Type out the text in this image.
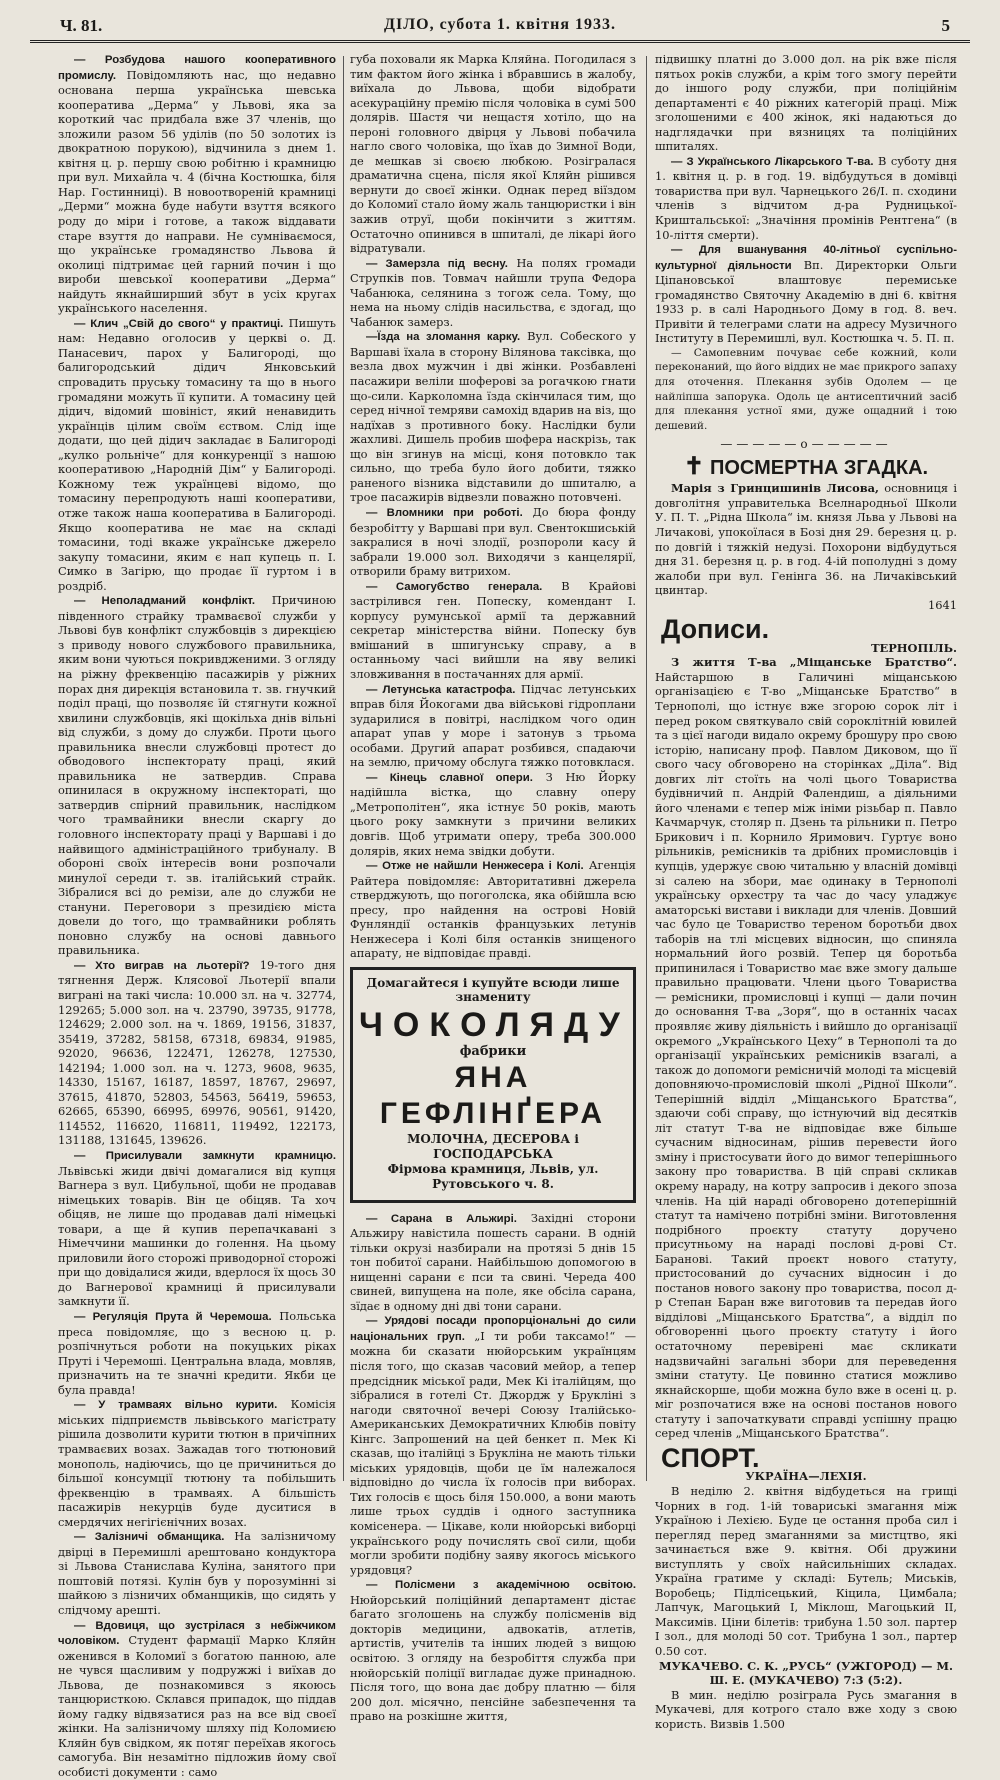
Ч. 81.	ДІЛО, субота 1. квітня 1933.	5

— Розбудова нашого кооперативного промислу. Повідомляють нас, що недавно основана перша українська шевська кооператива „Дерма“ у Львові, яка за короткий час придбала вже 37 членів, що зложили разом 56 уділів (по 50 золотих із двократною порукою), відчинила з днем 1. квітня ц. р. першу свою робітню і крамницю при вул. Михайла ч. 4 (бічна Костюшка, біля Нар. Гостинниці). В новоотвореній крамниці „Дерми“ можна буде набути взуття всякого роду до міри і готове, а також віддавати старе взуття до направи. Не сумніваємося, що українське громадянство Львова й околиці підтримає цей гарний почин і що вироби шевської кооперативи „Дерма“ найдуть якнайширший збут в усіх кругах українського населення.

— Клич „Свій до свого“ у практиці. Пишуть нам: Недавно оголосив у церкві о. Д. Панасевич, парох у Балигороді, що балигородський дідич Янковський спровадить пруську томасину та що в нього громадяни можуть її купити. А томасину цей дідич, відомий шовініст, який ненавидить українців цілим своїм єством. Слід іще додати, що цей дідич закладає в Балигороді „кулко рольніче“ для конкуренції з нашою кооперативою „Народній Дім“ у Балигороді. Кожному теж українцеві відомо, що томасину перепродують наші кооперативи, отже також наша кооператива в Балигороді. Якщо кооператива не має на складі томасини, тоді вкаже українське джерело закупу томасини, яким є нап купець п. І. Симко в Загірю, що продає її гуртом і в роздріб.

— Неполадманий конфлікт. Причиною південного страйку трамваєвої служби у Львові був конфлікт службовців з дирекцією з приводу нового службового правильника, яким вони чуються покривдженими. З огляду на ріжну фреквенцію пасажирів у ріжних порах дня дирекція встановила т. зв. гнучкий поділ праці, що позволяє їй стягнути кожної хвилини службовців, які щокільха днів вільні від служби, з дому до служби. Проти цього правильника внесли службовці протест до обводового інспекторату праці, який правильника не затвердив. Справа опинилася в окружному інспектораті, що затвердив спірний правильник, наслідком чого трамвайники внесли скаргу до головного інспекторату праці у Варшаві і до найвищого адміністраційного трибуналу. В обороні своїх інтересів вони розпочали минулої середи т. зв. італійський страйк. Зібралися всі до ремізи, але до служби не стануни. Переговори з президією міста довели до того, що трамвайники роблять поновно службу на основі давнього правильника.

— Хто виграв на льотерії? 19-того дня тягнення Держ. Клясової Льотерії впали виграні на такі числа: 10.000 зл. на ч. 32774, 129265; 5.000 зол. на ч. 23790, 39735, 91778, 124629; 2.000 зол. на ч. 1869, 19156, 31837, 35419, 37282, 58158, 67318, 69834, 91985, 92020, 96636, 122471, 126278, 127530, 142194; 1.000 зол. на ч. 1273, 9608, 9635, 14330, 15167, 16187, 18597, 18767, 29697, 37615, 41870, 52803, 54563, 56419, 59653, 62665, 65390, 66995, 69976, 90561, 91420, 114552, 116620, 116811, 119492, 122173, 131188, 131645, 139626.

— Присилували замкнути крамницю. Львівські жиди двічі домагалися від купця Вагнера з вул. Цибульної, щоби не продавав німецьких товарів. Він це обіцяв. Та хоч обіцяв, не лише що продавав далі німецькі товари, а ще й купив перепачкавані з Німеччини машинки до голення. На цьому приловили його сторожі приводорної сторожі при що довідалися жиди, вдерлося їх щось 30 до Вагнерової крамниці й присилували замкнути її.

— Регуляція Прута й Черемоша. Польська преса повідомляє, що з весною ц. р. розпічнуться роботи на покуцьких ріках Пруті і Черемоші. Центральна влада, мовляв, призначить на те значні кредити. Якби це була правда!

— У трамваях вільно курити. Комісія міських підприємств львівського магістрату рішила дозволити курити тютюн в причіпних трамваєвих возах. Зажадав того тютюновий монополь, надіючись, що це причиниться до більшої консумції тютюну та побільшить фреквенцію в трамваях. А більшість пасажирів некурців буде дуситися в смердячих негігієнічних возах.

— Залізничі обманщика. На залізничому двірці в Перемишлі арештовано кондуктора зі Львова Станислава Куліна, занятого при поштовій потязі. Кулін був у порозумінні зі шайкою з лізничих обманщиків, що сидять у слідчому арешті.

— Вдовиця, що зустрілася з небіжчиком чоловіком. Студент фармації Марко Кляйн оженився в Коломиї з богатою панною, але не чувся щасливим у подружжі і виїхав до Львова, де познакомився з якоюсь танцюристкою. Склався припадок, що піддав йому гадку відвязатися раз на все від своєї жінки. На залізничому шляху під Коломиєю Кляйн був свідком, як потяг переїхав якогось самогуба. Він незамітно підложив йому свої особисті документи : само

губа поховали як Марка Кляйна. Погодилася з тим фактом його жінка і вбравшись в жалобу, виїхала до Львова, щоби відобрати асекураційну премію після чоловіка в сумі 500 долярів. Шастя чи нещастя хотіло, що на перонi головного двірця у Львові побачила нагло свого чоловіка, що їхав до Зимної Води, де мешкав зі своєю любкою. Розігралася драматична сцена, після якої Кляйн рішився вернути до своєї жінки. Однак перед віїздом до Коломиї стало йому жаль танцюристки і він зажив отруї, щоби покінчити з життям. Остаточно опинився в шпиталі, де лікарі його відратували.

— Замерзла під весну. На полях громади Струпків пов. Товмач найшли трупа Федора Чабанюка, селянина з тогож села. Тому, що нема на ньому слідів насильства, є здогад, що Чабанюк замерз.

—Їзда на зломання карку. Вул. Собеского у Варшаві їхала в сторону Вілянова таксівка, що везла двох мужчин і двi жінки. Розбавлені пасажири веліли шоферові за рогачкою гнати що-сили. Карколомна їзда скінчилася тим, що серед нічної темряви самохід вдарив на віз, що надїхав з противного боку. Наслідки були жахливі. Дишель пробив шофера наскрізь, так що він згинув на місці, коня потовкло так сильно, що треба було його добити, тяжко раненого візника відставили до шпиталю, а трое пасажирів відвезли поважно потовчені.

— Вломники при роботі. До бюра фонду безробітту у Варшаві при вул. Свентокшиській закралися в ночі злодії, розпороли касу й забрали 19.000 зол. Виходячи з канцелярії, отворили браму витрихом.

— Самогубство генерала. В Крайові застрілився ген. Попеску, комендант І. корпусу румунської армії та державний секретар міністерства війни. Попеску був вмішаний в шпигунську справу, а в останньому часі вийшли на яву великі зловживання в постачаннях для армії.

— Летунська катастрофа. Підчас летунських вправ біля Йокогами два військові гідроплани зударилися в повітрі, наслідком чого один апарат упав у море і затонув з трьома особами. Другий апарат розбився, спадаючи на землю, причому обслуга тяжко потовклася.

— Кінець славної опери. З Ню Йорку надійшла вістка, що славну оперу „Метрополітен“, яка істнує 50 років, мають цього року замкнути з причини великих довгів. Щоб утримати оперу, треба 300.000 долярів, яких нема звідки добути.

— Отже не найшли Ненжесера і Колі. Агенція Райтера повідомляє: Авторитативні джерела стверджують, що погоголска, яка обійшла всю пресу, про найдення на острові Новій Фунляндії останків французьких летунів Ненжесера і Колі біля останків знищеного апарату, не відповідає правді.

Домагайтеся і купуйте всюди лише знамениту
ЧОКОЛЯДУ
фабрики
ЯНА ГЕФЛІНҐЕРА
МОЛОЧНА, ДЕСЕРОВА і ГОСПОДАРСЬКА
Фірмова крамниця, Львів, ул. Рутовського ч. 8.

— Сарана в Альжирі. Західні сторони Альжиру навістила пошесть сарани. В одній тільки окрузі назбирали на протязі 5 днів 15 тон побитої сарани. Найбільшою допомогою в нищенні сарани є пси та свині. Череда 400 свиней, випущена на поле, яке обсіла сарана, зїдає в одному дні дві тони сарани.

— Урядові посади пропорціональні до сили національних груп. „І ти роби таксамо!“ — можна би сказати нюйорським українцям після того, що сказав часовий мейор, а тепер предсідник міської ради, Мек Кі італійцям, що зібралися в готелі Ст. Джордж у Брукліні з нагоди святочної вечері Союзу Італійсько-Американських Демократичних Клюбів повіту Кінгс. Запрошений на цей бенкет п. Мек Кі сказав, що італійці з Брукліна не мають тільки міських урядовців, щоби це їм належалося відповідно до числа їх голосів при виборах. Тих голосів є щось біля 150.000, а вони мають лише трьох суддів і одного заступника комісенера. — Цікаве, коли нюйорські виборці українського роду почислять свої сили, щоби могли зробити подібну заяву якогось міського урядовця?

— Полісмени з академічною освітою. Нюйорський поліційний департамент дістає багато зголошень на службу полісменів від докторів медицини, адвокатів, атлетів, артистів, учителів та інших людей з вищою освітою. З огляду на безробіття служба при нюйорській поліції вигладає дуже принадною. Після того, що вона дає добру платню — біля 200 дол. місячно, пенсійне забезпечення та право на розкiшне життя,

підвишку платні до 3.000 дол. на рік вже після пятьох років служби, а крім того змогу перейти до іншого роду служби, при поліційнім департаменті є 40 ріжних категорій праці. Між зголошеними є 400 жінок, які надаються до надглядачки при вязницях та поліційних шпиталях.

— З Українського Лікарського Т-ва. В суботу дня 1. квітня ц. р. в год. 19. відбудуться в домівці товариства при вул. Чарнецького 26/І. п. сходини членів з відчитом д-ра Рудницької-Криштальської: „Значіння промінів Рентгена“ (в 10-ліття смерти).

— Для вшанування 40-літньої суспільно-культурної діяльности Вп. Директорки Ольги Ціпановської влаштовує перемиське громадянство Святочну Академію в дні 6. квітня 1933 р. в салі Народнього Дому в год. 8. веч. Привіти й телеграми слати на адресу Музичного Інституту в Перемишлі, вул. Костюшка ч. 5. П. п.

— Самопевним почуває себе кожний, коли переконаний, що його віддих не має прикрого запаху для оточення. Плекання зубів Одолем — це найліпша запорука. Одоль це антисептичний засіб для плекання устної ями, дуже ощадний і тою дешевий.

—————o—————
✝ ПОСМЕРТНА ЗГАДКА.

Марія з Гринцишинів Лисова, основниця і довголітня управителька Вселнародньої Школи У. П. Т. „Рідна Школа“ ім. князя Льва у Львові на Личакові, упокоїлася в Бозі дня 29. березня ц. р. по довгій і тяжкій недузі. Похорони відбудуться дня 31. березня ц. р. в год. 4-ій пополудні з дому жалоби при вул. Генінга 36. на Личаківський цвинтар.

1641
Дописи.
ТЕРНОПІЛЬ.

З життя Т-ва „Міщанське Братство“. Найстаршою в Галичині міщанською організацією є Т-во „Міщанське Братство“ в Тернополі, що істнує вже згорою сорок літ і перед роком святкувало свій сороклітній ювилей та з цієї нагоди видало окрему брошуру про свою історію, написану проф. Павлом Диковом, що її свого часу обговорено на сторінках „Діла“. Від довгих літ стоїть на чолі цього Товариства будівничий п. Андрій Фалендиш, а діяльними його членами є тепер між ініми різьбар п. Павло Качмарчук, столяр п. Дзень та рільники п. Петро Брикович і п. Корнило Яримович. Гуртує воно рільників, ремісників та дрібних промисловців і купців, удержує свою читальню у власній домівці зі салею на збори, має одинаку в Тернополі українську орхестру та час до часу уладжує аматорські вистави і виклади для членів. Довший час було це Товариство тереном боротьби двох таборів на тлі місцевих відносин, що спиняла нормальний його розвій. Тепер ця боротьба припинилася і Товариство має вже змогу дальше правильно працювати. Члени цього Товариства — ремісники, промисловці і купці — дали почин до основання Т-ва „Зоря“, що в останніх часах проявляє живу діяльність і вийшло до організації окремого „Українського Цеху“ в Тернополі та до організації українських ремісників взагалі, а також до допомоги ремісничій молоді та місцевій доповняючо-промисловій школі „Рідної Школи“. Теперішній відділ „Міщанського Братства“, здаючи собі справу, що істнуючий від десятків літ статут Т-ва не відповідає вже більше сучасним відносинам, рішив перевести його зміну і пристосувати його до вимог теперішнього закону про товариства. В цій справі скликав окрему нараду, на котру запросив і декого зпоза членів. На цій нараді обговорено дотеперішній статут та намічено потрібні зміни. Виготовлення подрібного проєкту статуту доручено присутньому на нараді послові д-рові Ст. Барановi. Такий проєкт нового статуту, пристосований до сучасних відносин і до постанов нового закону про товариства, посол д-р Степан Баран вже виготовив та передав його відділові „Міщанського Братства“, а відділ по обговоренні цього проєкту статуту і його остаточному перевірені має скликати надзвичайні загальні збори для переведення зміни статуту. Це повинно статися можливо якнайскорше, щоби можна було вже в осені ц. р. міг розпочатися вже на основі постанов нового статуту і започаткувати справді успішну працю серед членів „Міщанського Братства“.

СПОРТ.
УКРАЇНА—ЛЕХІЯ.

В неділю 2. квітня відбудеться на грищі Чорних в год. 1-ій товариські змагання між Україною і Лехією. Буде це остання проба сил і перегляд перед змаганнями за мистцтво, які зачинається вже 9. квітня. Обі дружини виступлять у своїх найсильніших складах. Україна гратиме у складі: Бутель; Миськів, Воробець; Підлісецький, Кіцила, Цимбала; Лапчук, Магоцький І, Міклош, Магоцький ІІ, Максимів. Ціни білетів: трибуна 1.50 зол. партер І зол., для молоді 50 сот. Трибуна 1 зол., партер 0.50 сот.

МУКАЧЕВО. С. К. „РУСЬ“ (УЖГОРОД) — М. Ш. Е. (МУКАЧЕВО) 7:3 (5:2).

В мин. неділю розіграла Русь змагання в Мукачеві, для котрого стало вже ходу з свою користь. Визвів 1.500
